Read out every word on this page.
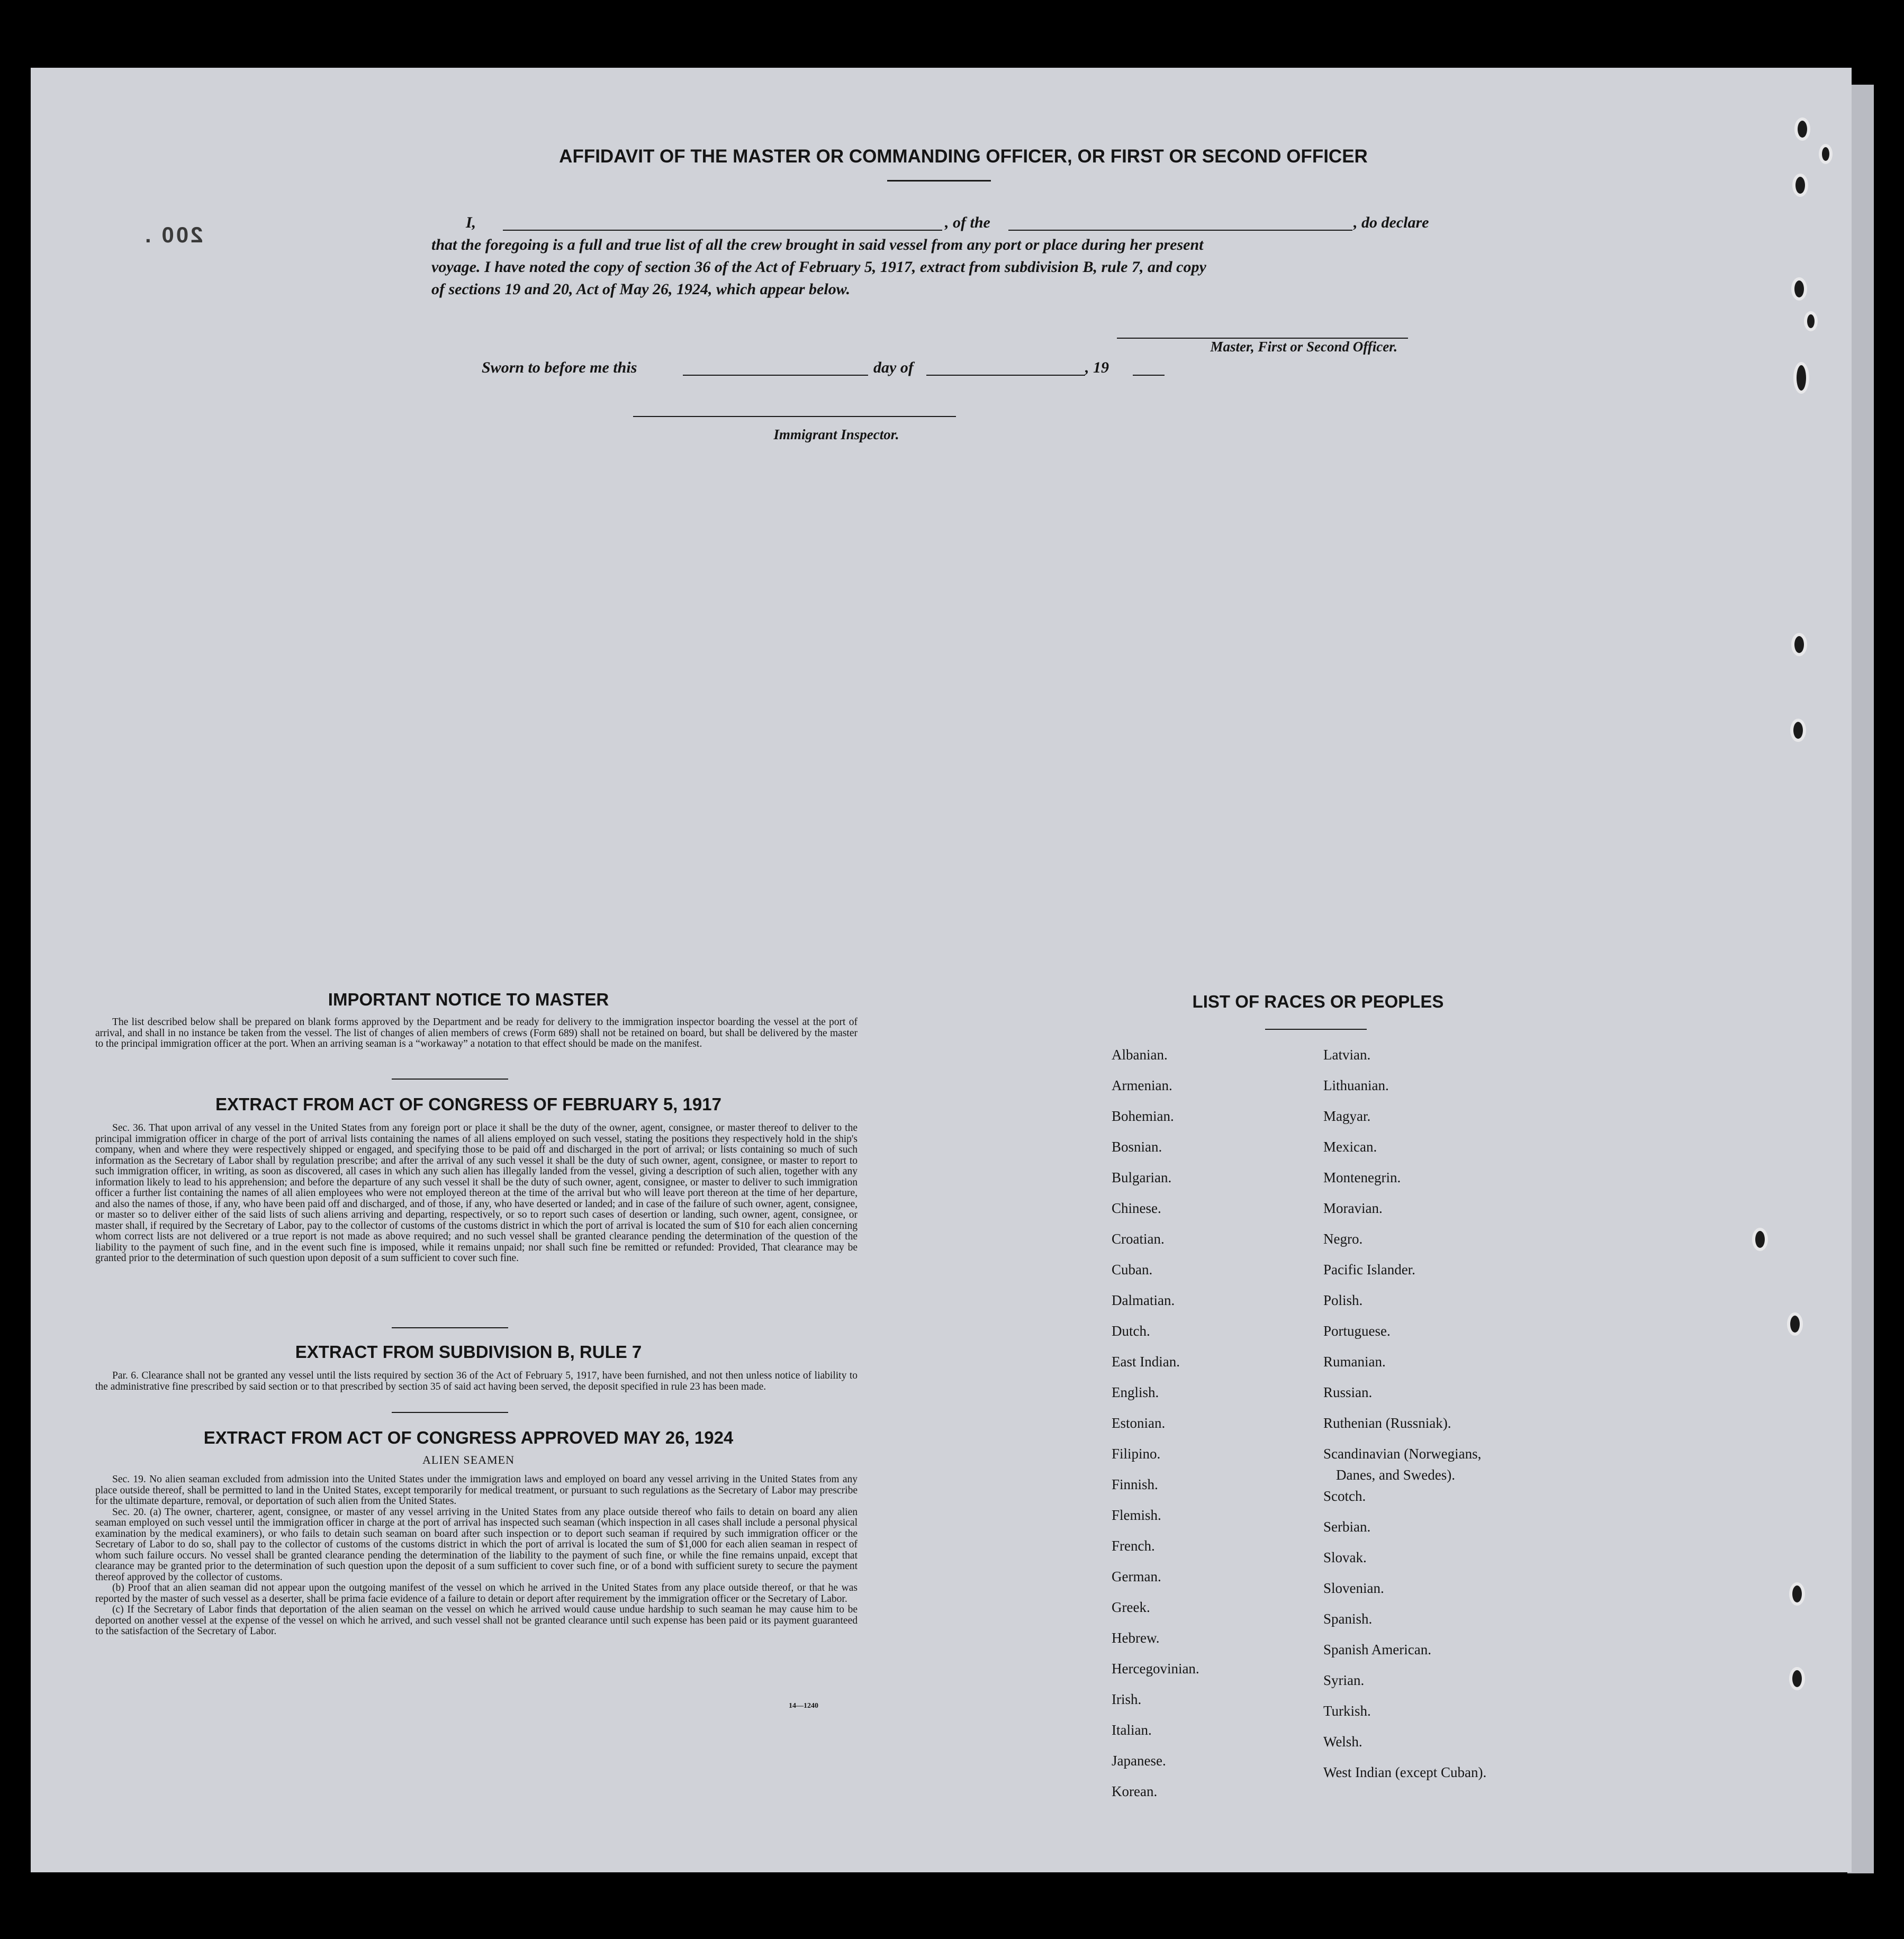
AFFIDAVIT OF THE MASTER OR COMMANDING OFFICER, OR FIRST OR SECOND OFFICER
200 .	I,	, of the	, do declare
that the foregoing is a full and true list of all the crew brought in said vessel from any port or place during her present
voyage. I have noted the copy of section 36 of the Act of February 5, 1917, extract from subdivision B, rule 7, and copy
of sections 19 and 20, Act of May 26, 1924, which appear below.
Master, First or Second Officer.
Sworn to before me this	day of	, 19
Immigrant Inspector.
IMPORTANT NOTICE TO MASTER
The list described below shall be prepared on blank forms approved by the Department and be ready for delivery to the immigration inspector boarding the vessel at the port of arrival, and shall in no instance be taken from the vessel. The list of changes of alien members of crews (Form 689) shall not be retained on board, but shall be delivered by the master to the principal immigration officer at the port. When an arriving seaman is a “workaway” a notation to that effect should be made on the manifest.
EXTRACT FROM ACT OF CONGRESS OF FEBRUARY 5, 1917
Sec. 36. That upon arrival of any vessel in the United States from any foreign port or place it shall be the duty of the owner, agent, consignee, or master thereof to deliver to the principal immigration officer in charge of the port of arrival lists containing the names of all aliens employed on such vessel, stating the positions they respectively hold in the ship's company, when and where they were respectively shipped or engaged, and specifying those to be paid off and discharged in the port of arrival; or lists containing so much of such information as the Secretary of Labor shall by regulation prescribe; and after the arrival of any such vessel it shall be the duty of such owner, agent, consignee, or master to report to such immigration officer, in writing, as soon as discovered, all cases in which any such alien has illegally landed from the vessel, giving a description of such alien, together with any information likely to lead to his apprehension; and before the departure of any such vessel it shall be the duty of such owner, agent, consignee, or master to deliver to such immigration officer a further list containing the names of all alien employees who were not employed thereon at the time of the arrival but who will leave port thereon at the time of her departure, and also the names of those, if any, who have been paid off and discharged, and of those, if any, who have deserted or landed; and in case of the failure of such owner, agent, consignee, or master so to deliver either of the said lists of such aliens arriving and departing, respectively, or so to report such cases of desertion or landing, such owner, agent, consignee, or master shall, if required by the Secretary of Labor, pay to the collector of customs of the customs district in which the port of arrival is located the sum of $10 for each alien concerning whom correct lists are not delivered or a true report is not made as above required; and no such vessel shall be granted clearance pending the determination of the question of the liability to the payment of such fine, and in the event such fine is imposed, while it remains unpaid; nor shall such fine be remitted or refunded: Provided, That clearance may be granted prior to the determination of such question upon deposit of a sum sufficient to cover such fine.
EXTRACT FROM SUBDIVISION B, RULE 7
Par. 6. Clearance shall not be granted any vessel until the lists required by section 36 of the Act of February 5, 1917, have been furnished, and not then unless notice of liability to the administrative fine prescribed by said section or to that prescribed by section 35 of said act having been served, the deposit specified in rule 23 has been made.
EXTRACT FROM ACT OF CONGRESS APPROVED MAY 26, 1924
ALIEN SEAMEN
Sec. 19. No alien seaman excluded from admission into the United States under the immigration laws and employed on board any vessel arriving in the United States from any place outside thereof, shall be permitted to land in the United States, except temporarily for medical treatment, or pursuant to such regulations as the Secretary of Labor may prescribe for the ultimate departure, removal, or deportation of such alien from the United States.
Sec. 20. (a) The owner, charterer, agent, consignee, or master of any vessel arriving in the United States from any place outside thereof who fails to detain on board any alien seaman employed on such vessel until the immigration officer in charge at the port of arrival has inspected such seaman (which inspection in all cases shall include a personal physical examination by the medical examiners), or who fails to detain such seaman on board after such inspection or to deport such seaman if required by such immigration officer or the Secretary of Labor to do so, shall pay to the collector of customs of the customs district in which the port of arrival is located the sum of $1,000 for each alien seaman in respect of whom such failure occurs. No vessel shall be granted clearance pending the determination of the liability to the payment of such fine, or while the fine remains unpaid, except that clearance may be granted prior to the determination of such question upon the deposit of a sum sufficient to cover such fine, or of a bond with sufficient surety to secure the payment thereof approved by the collector of customs.
(b) Proof that an alien seaman did not appear upon the outgoing manifest of the vessel on which he arrived in the United States from any place outside thereof, or that he was reported by the master of such vessel as a deserter, shall be prima facie evidence of a failure to detain or deport after requirement by the immigration officer or the Secretary of Labor.
(c) If the Secretary of Labor finds that deportation of the alien seaman on the vessel on which he arrived would cause undue hardship to such seaman he may cause him to be deported on another vessel at the expense of the vessel on which he arrived, and such vessel shall not be granted clearance until such expense has been paid or its payment guaranteed to the satisfaction of the Secretary of Labor.
14—1240
LIST OF RACES OR PEOPLES
Albanian.
Armenian.
Bohemian.
Bosnian.
Bulgarian.
Chinese.
Croatian.
Cuban.
Dalmatian.
Dutch.
East Indian.
English.
Estonian.
Filipino.
Finnish.
Flemish.
French.
German.
Greek.
Hebrew.
Hercegovinian.
Irish.
Italian.
Japanese.
Korean.
Latvian.
Lithuanian.
Magyar.
Mexican.
Montenegrin.
Moravian.
Negro.
Pacific Islander.
Polish.
Portuguese.
Rumanian.
Russian.
Ruthenian (Russniak).
Scandinavian (Norwegians,
Scotch.
Serbian.
Slovak.
Slovenian.
Spanish.
Spanish American.
Syrian.
Turkish.
Welsh.
West Indian (except Cuban).
Danes, and Swedes).
